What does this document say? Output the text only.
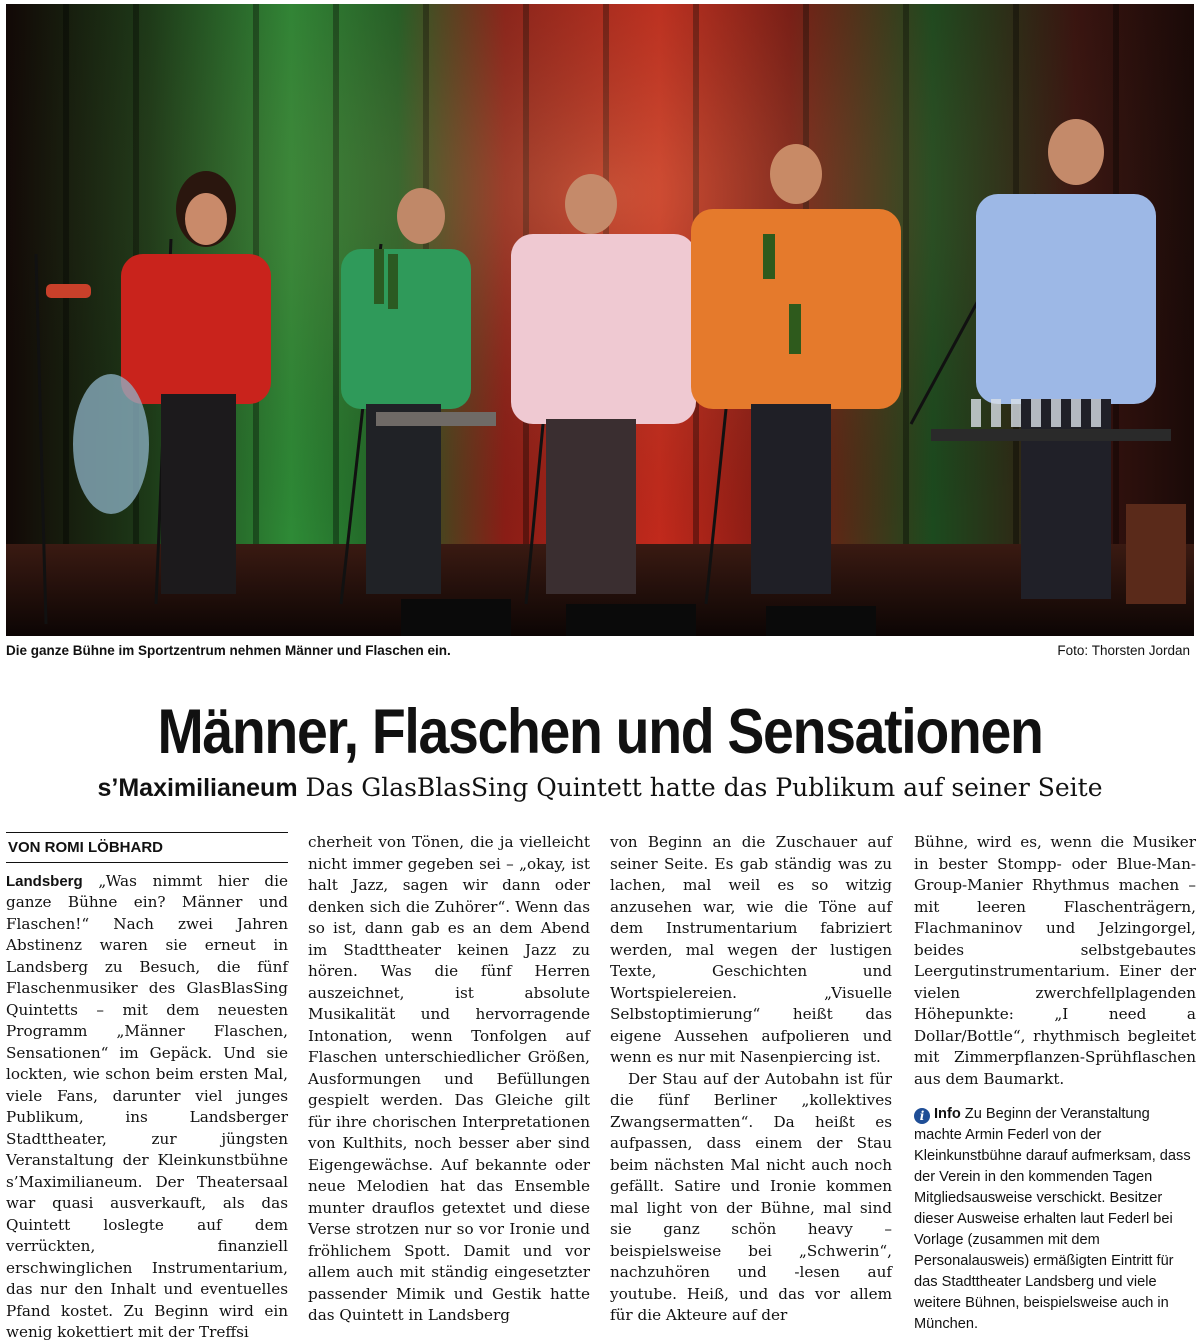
Die ganze Bühne im Sportzentrum nehmen Männer und Flaschen ein.	Foto: Thorsten Jordan
Männer, Flaschen und Sensationen
s’Maximilianeum Das GlasBlasSing Quintett hatte das Publikum auf seiner Seite
VON ROMI LÖBHARD

Landsberg „Was nimmt hier die ganze Bühne ein? Männer und Flaschen!“ Nach zwei Jahren Abstinenz waren sie erneut in Landsberg zu Besuch, die fünf Flaschenmusiker des GlasBlasSing Quintetts – mit dem neuesten Programm „Männer Flaschen, Sensationen“ im Gepäck. Und sie lockten, wie schon beim ersten Mal, viele Fans, darunter viel junges Publikum, ins Landsberger Stadttheater, zur jüngsten Veranstaltung der Kleinkunstbühne s’Maximilianeum. Der Theatersaal war quasi ausverkauft, als das Quintett loslegte auf dem verrückten, finanziell erschwinglichen Instrumentarium, das nur den Inhalt und eventuelles Pfand kostet. Zu Beginn wird ein wenig kokettiert mit der Treffsi

cherheit von Tönen, die ja vielleicht nicht immer gegeben sei – „okay, ist halt Jazz, sagen wir dann oder denken sich die Zuhörer“. Wenn das so ist, dann gab es an dem Abend im Stadttheater keinen Jazz zu hören. Was die fünf Herren auszeichnet, ist absolute Musikalität und hervorragende Intonation, wenn Tonfolgen auf Flaschen unterschiedlicher Größen, Ausformungen und Befüllungen gespielt werden. Das Gleiche gilt für ihre chorischen Interpretationen von Kulthits, noch besser aber sind Eigengewächse. Auf bekannte oder neue Melodien hat das Ensemble munter drauflos getextet und diese Verse strotzen nur so vor Ironie und fröhlichem Spott. Damit und vor allem auch mit ständig eingesetzter passender Mimik und Gestik hatte das Quintett in Landsberg

von Beginn an die Zuschauer auf seiner Seite. Es gab ständig was zu lachen, mal weil es so witzig anzusehen war, wie die Töne auf dem Instrumentarium fabriziert werden, mal wegen der lustigen Texte, Geschichten und Wortspielereien. „Visuelle Selbstoptimierung“ heißt das eigene Aussehen aufpolieren und wenn es nur mit Nasenpiercing ist.

Der Stau auf der Autobahn ist für die fünf Berliner „kollektives Zwangsermatten“. Da heißt es aufpassen, dass einem der Stau beim nächsten Mal nicht auch noch gefällt. Satire und Ironie kommen mal light von der Bühne, mal sind sie ganz schön heavy – beispielsweise bei „Schwerin“, nachzuhören und -lesen auf youtube. Heiß, und das vor allem für die Akteure auf der

Bühne, wird es, wenn die Musiker in bester Stompp- oder Blue-Man-Group-Manier Rhythmus machen – mit leeren Flaschenträgern, Flachmaninov und Jelzingorgel, beides selbstgebautes Leergutinstrumentarium. Einer der vielen zwerchfellplagenden Höhepunkte: „I need a Dollar/Bottle“, rhythmisch begleitet mit Zimmerpflanzen-Sprühflaschen aus dem Baumarkt.

i Info Zu Beginn der Veranstaltung machte Armin Federl von der Kleinkunstbühne darauf aufmerksam, dass der Verein in den kommenden Tagen Mitgliedsausweise verschickt. Besitzer dieser Ausweise erhalten laut Federl bei Vorlage (zusammen mit dem Personalausweis) ermäßigten Eintritt für das Stadttheater Landsberg und viele weitere Bühnen, beispielsweise auch in München.
